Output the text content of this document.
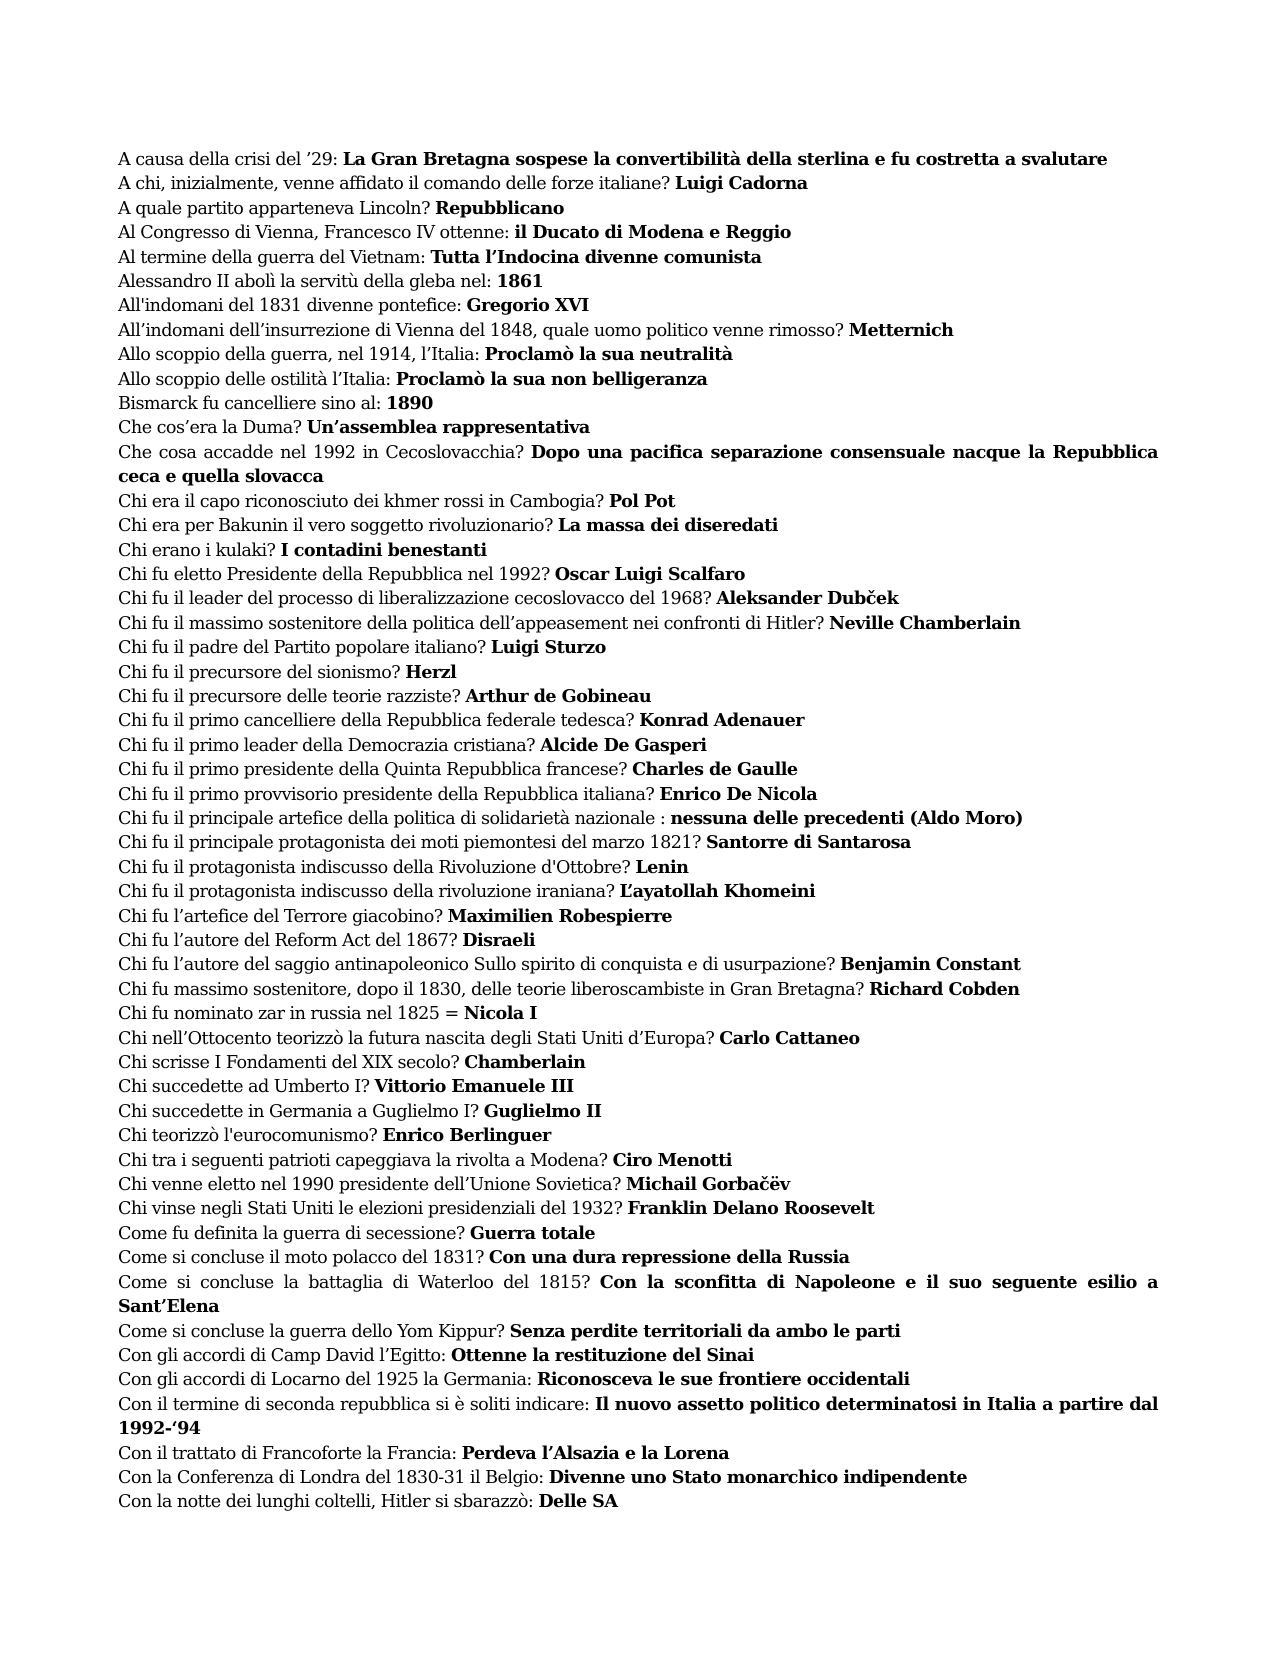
A causa della crisi del ’29: La Gran Bretagna sospese la convertibilità della sterlina e fu costretta a svalutare

A chi, inizialmente, venne affidato il comando delle forze italiane? Luigi Cadorna

A quale partito apparteneva Lincoln? Repubblicano

Al Congresso di Vienna, Francesco IV ottenne: il Ducato di Modena e Reggio

Al termine della guerra del Vietnam: Tutta l’Indocina divenne comunista

Alessandro II abolì la servitù della gleba nel: 1861

All'indomani del 1831 divenne pontefice: Gregorio XVI

All’indomani dell’insurrezione di Vienna del 1848, quale uomo politico venne rimosso? Metternich

Allo scoppio della guerra, nel 1914, l’Italia: Proclamò la sua neutralità

Allo scoppio delle ostilità l’Italia: Proclamò la sua non belligeranza

Bismarck fu cancelliere sino al: 1890

Che cos’era la Duma? Un’assemblea rappresentativa

Che cosa accadde nel 1992 in Cecoslovacchia? Dopo una pacifica separazione consensuale nacque la Repubblica ceca e quella slovacca

Chi era il capo riconosciuto dei khmer rossi in Cambogia? Pol Pot

Chi era per Bakunin il vero soggetto rivoluzionario? La massa dei diseredati

Chi erano i kulaki? I contadini benestanti

Chi fu eletto Presidente della Repubblica nel 1992? Oscar Luigi Scalfaro

Chi fu il leader del processo di liberalizzazione cecoslovacco del 1968? Aleksander Dubček

Chi fu il massimo sostenitore della politica dell’appeasement nei confronti di Hitler? Neville Chamberlain

Chi fu il padre del Partito popolare italiano? Luigi Sturzo

Chi fu il precursore del sionismo? Herzl

Chi fu il precursore delle teorie razziste? Arthur de Gobineau

Chi fu il primo cancelliere della Repubblica federale tedesca? Konrad Adenauer

Chi fu il primo leader della Democrazia cristiana? Alcide De Gasperi

Chi fu il primo presidente della Quinta Repubblica francese? Charles de Gaulle

Chi fu il primo provvisorio presidente della Repubblica italiana? Enrico De Nicola

Chi fu il principale artefice della politica di solidarietà nazionale : nessuna delle precedenti (Aldo Moro)

Chi fu il principale protagonista dei moti piemontesi del marzo 1821? Santorre di Santarosa

Chi fu il protagonista indiscusso della Rivoluzione d'Ottobre? Lenin

Chi fu il protagonista indiscusso della rivoluzione iraniana? L’ayatollah Khomeini

Chi fu l’artefice del Terrore giacobino? Maximilien Robespierre

Chi fu l’autore del Reform Act del 1867? Disraeli

Chi fu l’autore del saggio antinapoleonico Sullo spirito di conquista e di usurpazione? Benjamin Constant

Chi fu massimo sostenitore, dopo il 1830, delle teorie liberoscambiste in Gran Bretagna? Richard Cobden

Chi fu nominato zar in russia nel 1825 = Nicola I

Chi nell’Ottocento teorizzò la futura nascita degli Stati Uniti d’Europa? Carlo Cattaneo

Chi scrisse I Fondamenti del XIX secolo? Chamberlain

Chi succedette ad Umberto I? Vittorio Emanuele III

Chi succedette in Germania a Guglielmo I? Guglielmo II

Chi teorizzò l'eurocomunismo? Enrico Berlinguer

Chi tra i seguenti patrioti capeggiava la rivolta a Modena? Ciro Menotti

Chi venne eletto nel 1990 presidente dell’Unione Sovietica? Michail Gorbačëv

Chi vinse negli Stati Uniti le elezioni presidenziali del 1932? Franklin Delano Roosevelt

Come fu definita la guerra di secessione? Guerra totale

Come si concluse il moto polacco del 1831? Con una dura repressione della Russia

Come si concluse la battaglia di Waterloo del 1815? Con la sconfitta di Napoleone e il suo seguente esilio a Sant’Elena

Come si concluse la guerra dello Yom Kippur? Senza perdite territoriali da ambo le parti

Con gli accordi di Camp David l’Egitto: Ottenne la restituzione del Sinai

Con gli accordi di Locarno del 1925 la Germania: Riconosceva le sue frontiere occidentali

Con il termine di seconda repubblica si è soliti indicare: Il nuovo assetto politico determinatosi in Italia a partire dal 1992-‘94

Con il trattato di Francoforte la Francia: Perdeva l’Alsazia e la Lorena

Con la Conferenza di Londra del 1830-31 il Belgio: Divenne uno Stato monarchico indipendente

Con la notte dei lunghi coltelli, Hitler si sbarazzò: Delle SA
